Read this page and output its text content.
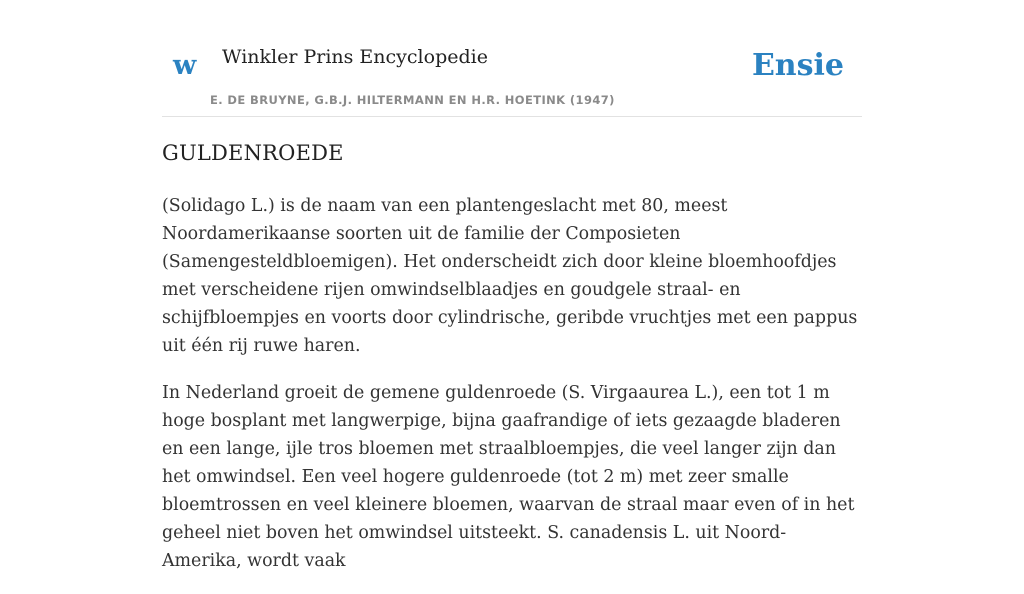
w Winkler Prins Encyclopedie
E. DE BRUYNE, G.B.J. HILTERMANN EN H.R. HOETINK (1947)
Ensie
GULDENROEDE

(Solidago L.) is de naam van een plantengeslacht met 80, meest Noordamerikaanse soorten uit de familie der Composieten (Samengesteldbloemigen). Het onderscheidt zich door kleine bloemhoofdjes met verscheidene rijen omwindselblaadjes en goudgele straal- en schijfbloempjes en voorts door cylindrische, geribde vruchtjes met een pappus uit één rij ruwe haren.

In Nederland groeit de gemene guldenroede (S. Virgaaurea L.), een tot 1 m hoge bosplant met langwerpige, bijna gaafrandige of iets gezaagde bladeren en een lange, ijle tros bloemen met straalbloempjes, die veel langer zijn dan het omwindsel. Een veel hogere guldenroede (tot 2 m) met zeer smalle bloemtrossen en veel kleinere bloemen, waarvan de straal maar even of in het geheel niet boven het omwindsel uitsteekt. S. canadensis L. uit Noord-Amerika, wordt vaak
